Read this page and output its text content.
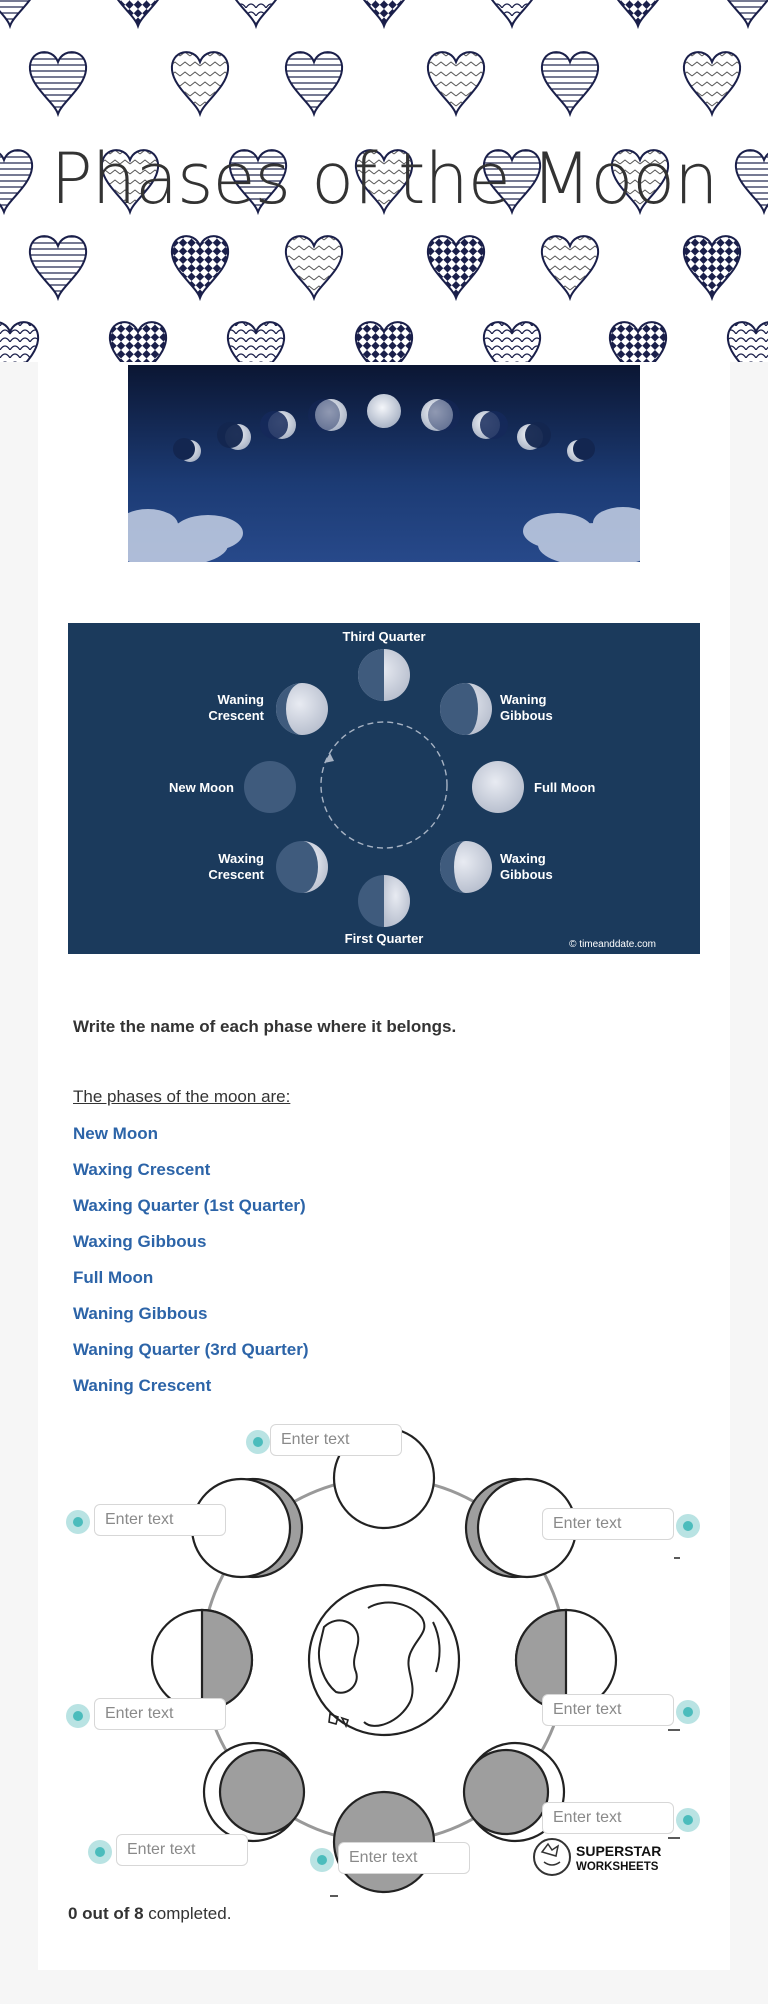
Phases of the Moon
Third Quarter
Waning
Crescent
Waning
Gibbous
New Moon	Full Moon
Waxing
Crescent
Waxing
Gibbous
First Quarter	© timeanddate.com
Write the name of each phase where it belongs.
The phases of the moon are:
New Moon
Waxing Crescent
Waxing Quarter (1st Quarter)
Waxing Gibbous
Full Moon
Waning Gibbous
Waning Quarter (3rd Quarter)
Waning Crescent
SUPERSTAR
WORKSHEETS
Enter text
Enter text
Enter text
Enter text
Enter text
Enter text
Enter text
Enter text
0 out of 8 completed.
